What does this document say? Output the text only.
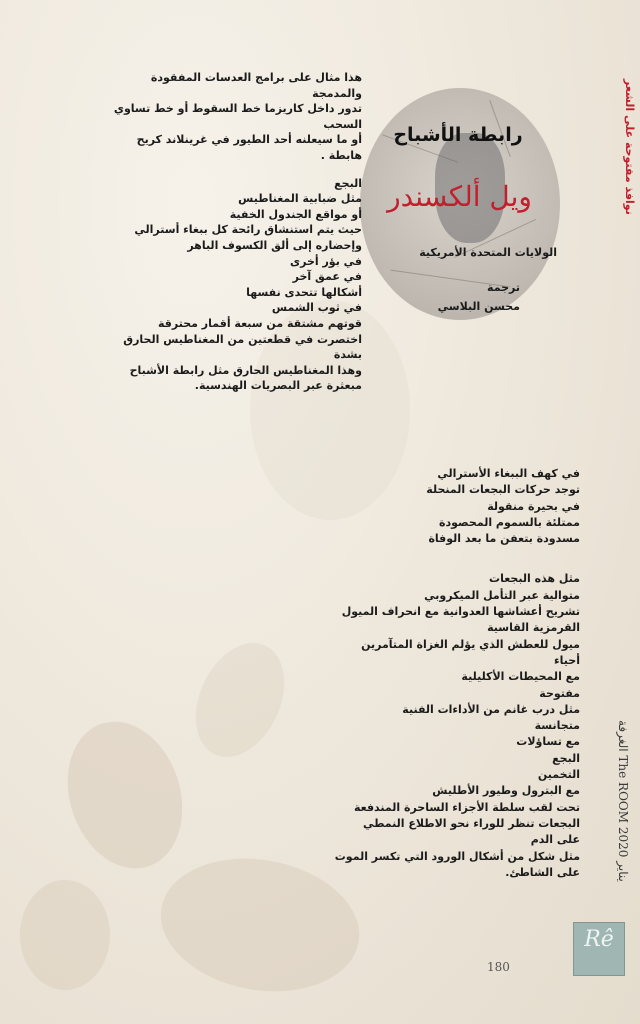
نوافذ مفتوحة على الشعر
رابطة الأشباح
ويل ألكسندر
الولايات المتحدة الأمريكية
ترجمة
محسن البلاسي
هذا مثال على برامج العدسات المفقودة
والمدمجة
تدور داخل كاريزما خط السقوط أو خط تساوي
السحب
أو ما سيعلنه أحد الطيور في غرينلاند كريح
هابطة .
البجع
مثل ضبابية المغناطيس
أو مواقع الجندول الخفية
حيث يتم استنشاق رائحة كل ببغاء أسترالي
وإحضاره إلى ألق الكسوف الباهر
في بؤر أخرى
في عمق آخر
أشكالها تتحدى نفسها
في ثوب الشمس
قوتهم مشتقة من سبعة أقمار محترقة
اختصرت في قطعتين من المغناطيس الحارق
بشدة
وهذا المغناطيس الحارق مثل رابطة الأشباح
مبعثرة عبر البصريات الهندسية.
في كهف الببغاء الأسترالي
توجد حركات البجعات المنحلة
في بحيرة منقولة
ممتلئة بالسموم المحصودة
مسدودة بتعفن ما بعد الوفاة
مثل هذه البجعات
متوالية عبر التأمل الميكروبي
تشريح أعشاشها العدوانية مع انحراف الميول
القرمزية القاسية
ميول للعطش الذي يؤلم الغزاة المتآمرين
أحياء
مع المحيطات الأكليلية
مفتوحة
مثل درب غانم من الأداءات الفنية
متجانسة
مع تساؤلات
البجع
التخمين
مع البترول وطيور الأطليش
تحت لقب سلطة الأجزاء الساحرة المندفعة
البجعات تنظر للوراء نحو الاطلاع النمطي
على الدم
مثل شكل من أشكال الورود التي تكسر الموت
على الشاطئ.
الغرفة The ROOM يناير 2020
180
Rê
